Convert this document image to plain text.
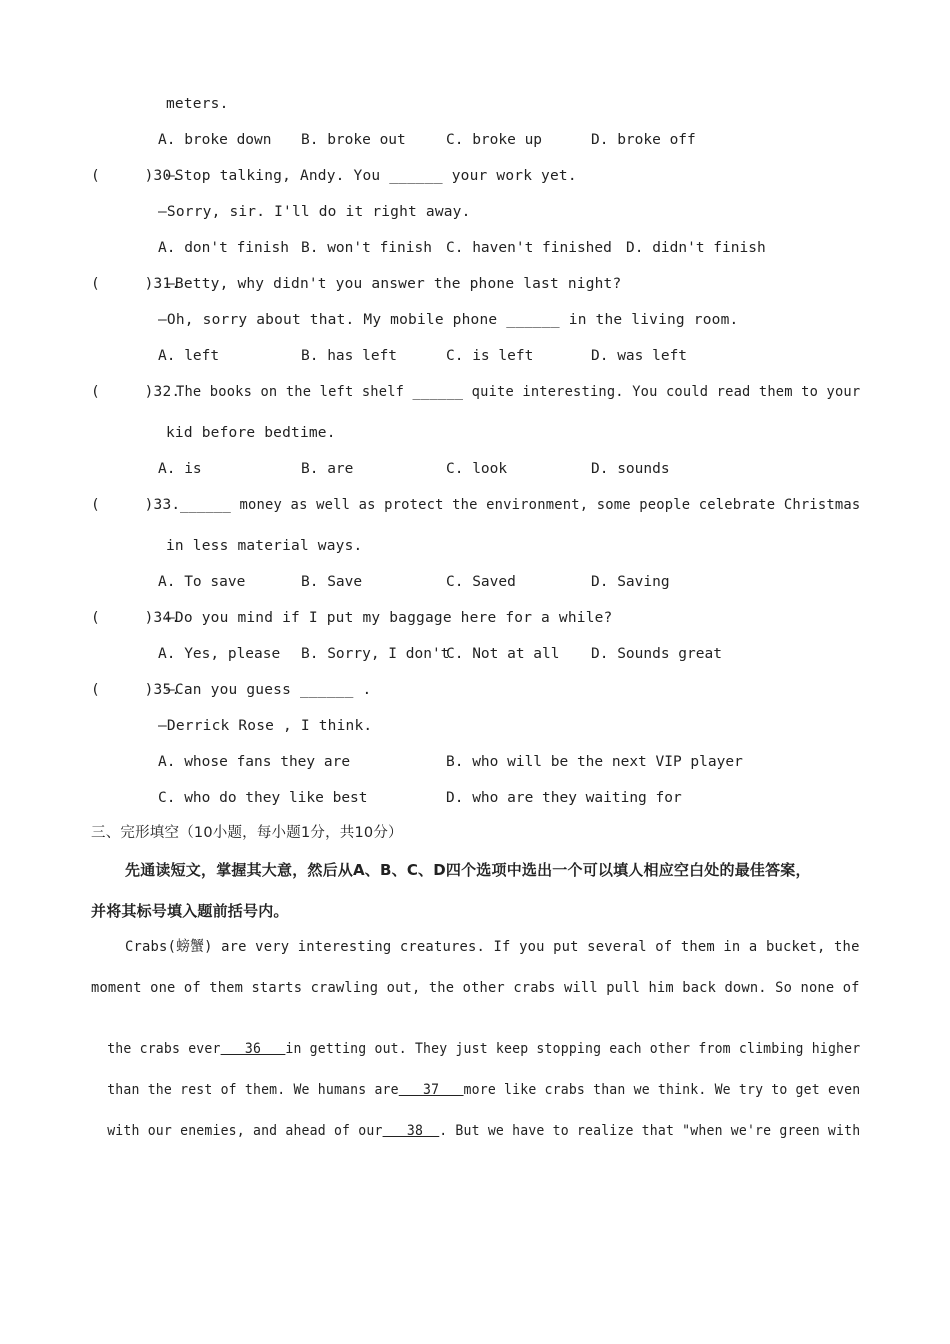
meters.
A. broke down B. broke out	C. broke up	D. broke off
(     )30.
—Stop talking, Andy. You ______ your work yet.
—Sorry, sir. I'll do it right away.
A. don't finish B. won't finish C. haven't finished D. didn't finish
(     )31.
—Betty, why didn't you answer the phone last night?
—Oh, sorry about that. My mobile phone ______ in the living room.
A. left	B. has left	C. is left	D. was left
(     )32.
The books on the left shelf ______ quite interesting. You could read them to your
kid before bedtime.
A. is	B. are	C. look	D. sounds
(     )33. ______ money as well as protect the environment, some people celebrate Christmas
in less material ways.
A. To save	B. Save	C. Saved	D. Saving
(     )34.
—Do you mind if I put my baggage here for a while?
A. Yes, please B. Sorry, I don't
C. Not at all D. Sounds great
(     )35.
—Can you guess ______ .
—Derrick Rose , I think.
A. whose fans they are	B. who will be the next VIP player
C. who do they like best	D. who are they waiting for
三、完形填空（10小题，每小题1分，共10分）
先通读短文，掌握其大意，然后从A、B、C、D四个选项中选出一个可以填人相应空白处的最佳答案，
并将其标号填入题前括号内。
Crabs(螃蟹) are very interesting creatures. If you put several of them in a bucket, the
moment one of them starts crawling out, the other crabs will pull him back down. So none of

the crabs ever   36   in getting out. They just keep stopping each other from climbing higher

than the rest of them. We humans are   37   more like crabs than we think. We try to get even

with our enemies, and ahead of our   38  . But we have to realize that "when we're green with
